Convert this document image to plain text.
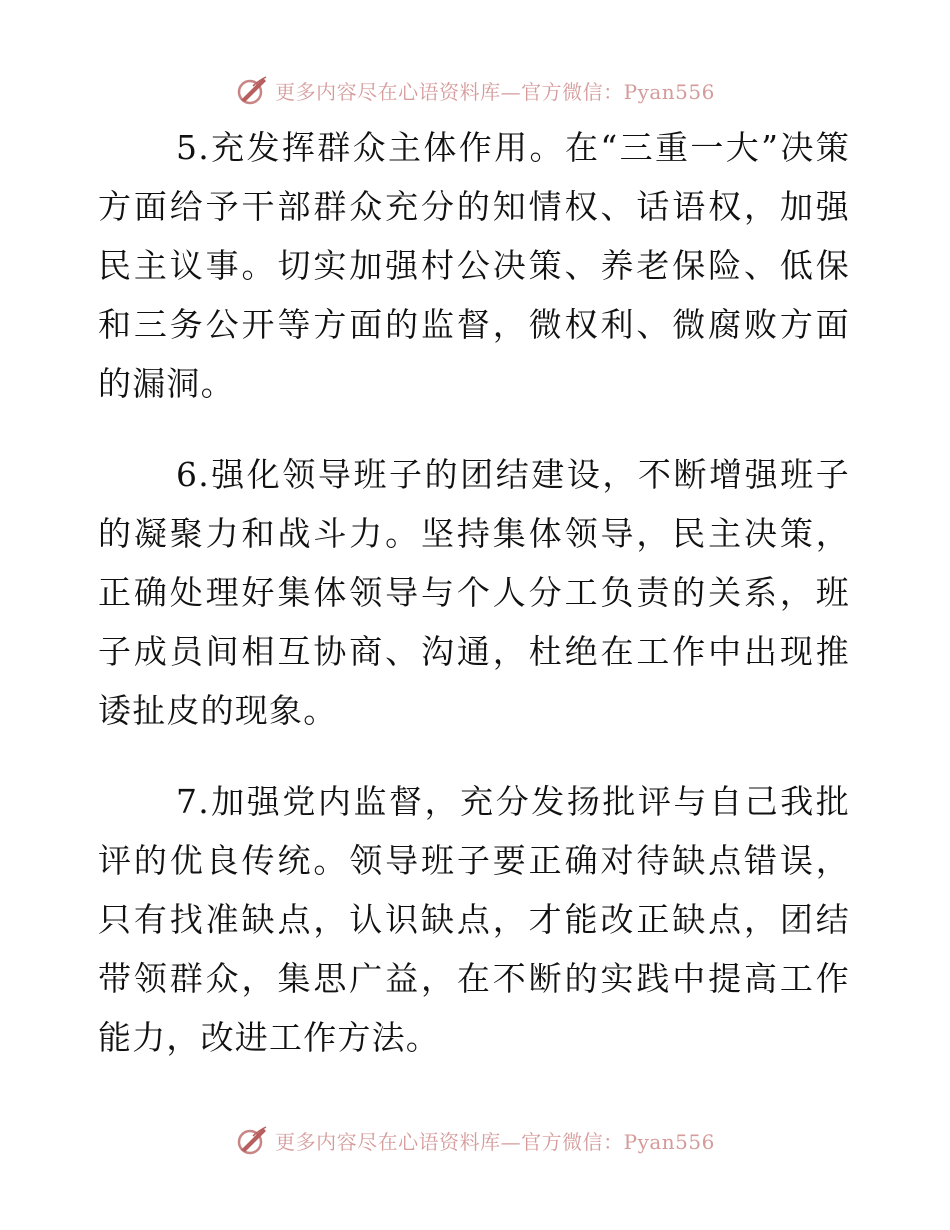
更多内容尽在心语资料库—官方微信：Pyan556

5.充发挥群众主体作用。在“三重一大”决策方面给予干部群众充分的知情权、话语权，加强民主议事。切实加强村公决策、养老保险、低保和三务公开等方面的监督，微权利、微腐败方面的漏洞。

6.强化领导班子的团结建设，不断增强班子的凝聚力和战斗力。坚持集体领导，民主决策，正确处理好集体领导与个人分工负责的关系，班子成员间相互协商、沟通，杜绝在工作中出现推诿扯皮的现象。

7.加强党内监督，充分发扬批评与自己我批评的优良传统。领导班子要正确对待缺点错误，只有找准缺点，认识缺点，才能改正缺点，团结带领群众，集思广益，在不断的实践中提高工作能力，改进工作方法。

更多内容尽在心语资料库—官方微信：Pyan556
